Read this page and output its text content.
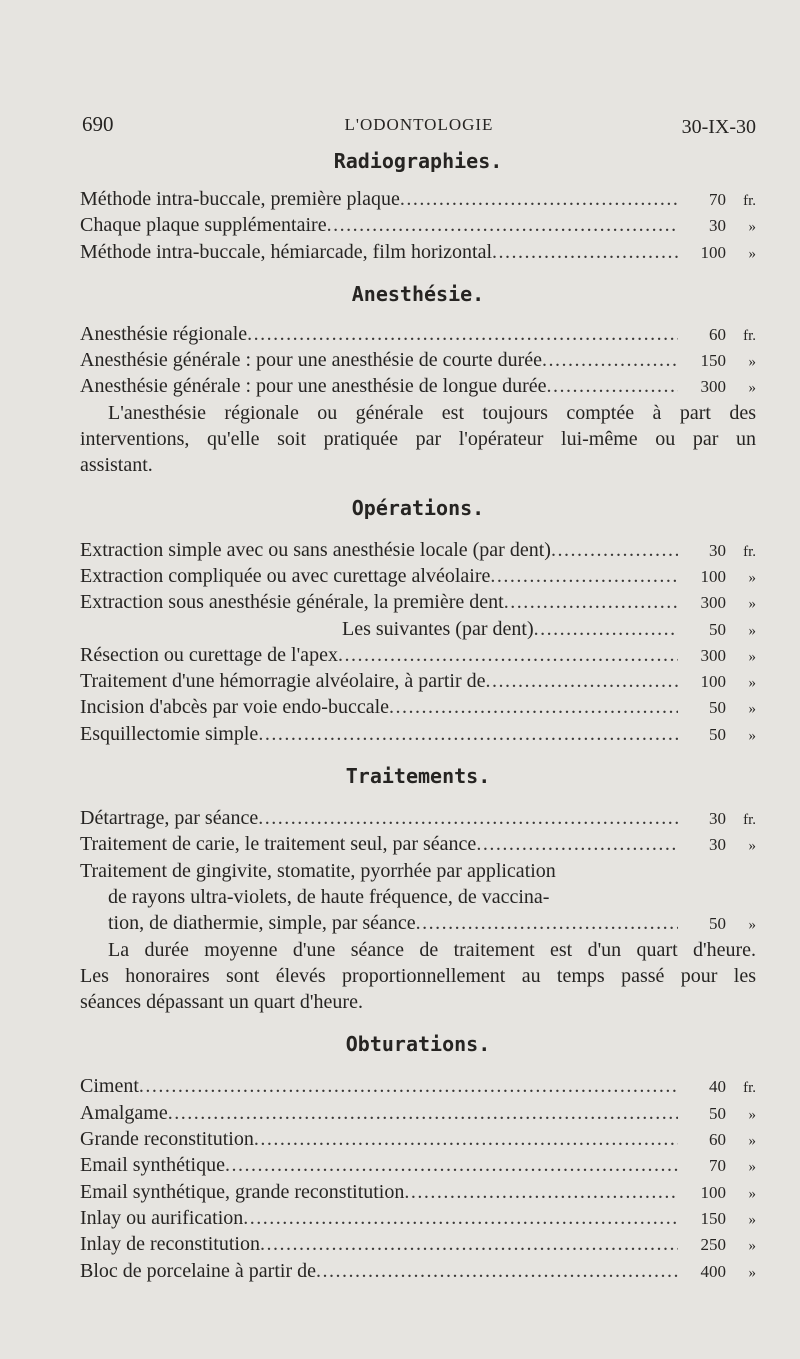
690	L'ODONTOLOGIE	30-IX-30
Radiographies.
Méthode intra-buccale, première plaque .....	70 fr.
Chaque plaque supplémentaire .....	30 »
Méthode intra-buccale, hémiarcade, film horizontal .....	100 »
Anesthésie.
Anesthésie régionale .....	60 fr.
Anesthésie générale : pour une anesthésie de courte durée .....	150 »
Anesthésie générale : pour une anesthésie de longue durée .....	300 »
L'anesthésie régionale ou générale est toujours comptée à part des
interventions, qu'elle soit pratiquée par l'opérateur lui-même ou par un
assistant.
Opérations.
Extraction simple avec ou sans anesthésie locale (par dent) .....	30 fr.
Extraction compliquée ou avec curettage alvéolaire .....	100 »
Extraction sous anesthésie générale, la première dent .....	300 »
Les suivantes (par dent) .....	50 »
Résection ou curettage de l'apex .....	300 »
Traitement d'une hémorragie alvéolaire, à partir de .....	100 »
Incision d'abcès par voie endo-buccale .....	50 »
Esquillectomie simple .....	50 »
Traitements.
Détartrage, par séance .....	30 fr.
Traitement de carie, le traitement seul, par séance .....	30 »
Traitement de gingivite, stomatite, pyorrhée par application
de rayons ultra-violets, de haute fréquence, de vaccina-
tion, de diathermie, simple, par séance .....	50 »
La durée moyenne d'une séance de traitement est d'un quart d'heure.
Les honoraires sont élevés proportionnellement au temps passé pour les
séances dépassant un quart d'heure.
Obturations.
Ciment .....	40 fr.
Amalgame .....	50 »
Grande reconstitution .....	60 »
Email synthétique .....	70 »
Email synthétique, grande reconstitution .....	100 »
Inlay ou aurification .....	150 »
Inlay de reconstitution .....	250 »
Bloc de porcelaine à partir de .....	400 »
